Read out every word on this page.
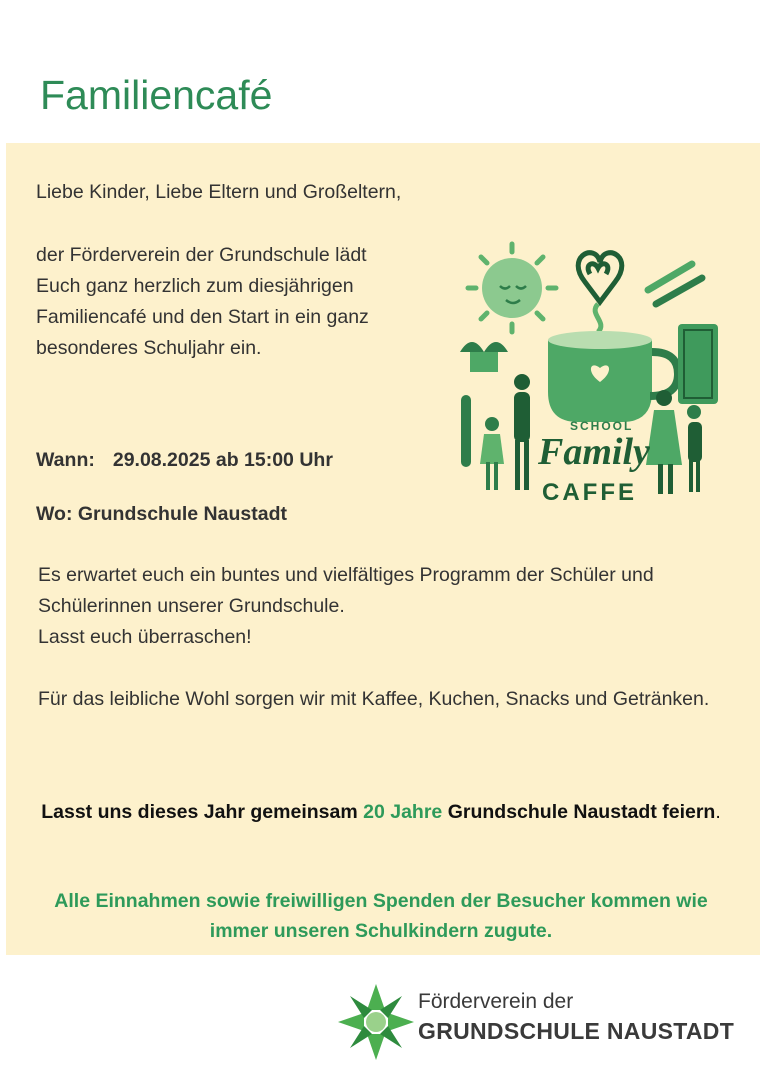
Familiencafé

Liebe Kinder, Liebe Eltern und Großeltern,

der Förderverein der Grundschule lädt Euch ganz herzlich zum diesjährigen Familiencafé und den Start in ein ganz besonderes Schuljahr ein.

Wann: 29.08.2025 ab 15:00 Uhr
Wo: Grundschule Naustadt

Es erwartet euch ein buntes und vielfältiges Programm der Schüler und Schülerinnen unserer Grundschule.

Lasst euch überraschen!

Für das leibliche Wohl sorgen wir mit Kaffee, Kuchen, Snacks und Getränken.

Lasst uns dieses Jahr gemeinsam 20 Jahre Grundschule Naustadt feiern.
Alle Einnahmen sowie freiwilligen Spenden der Besucher kommen wie immer unseren Schulkindern zugute.
SCHOOL
Family
CAFFE
Förderverein der
GRUNDSCHULE NAUSTADT
